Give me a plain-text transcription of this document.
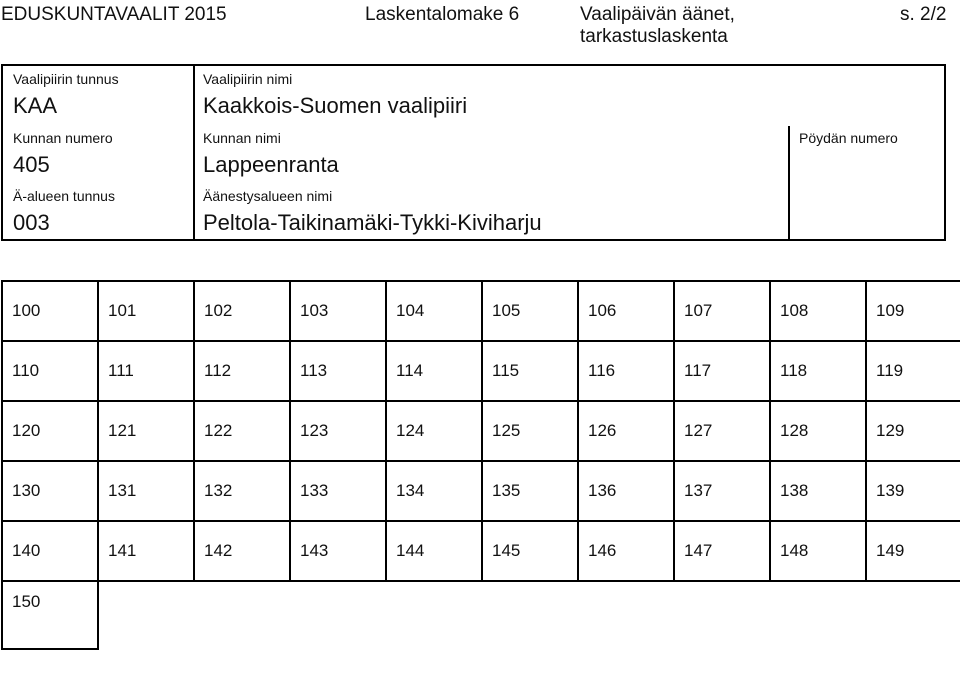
EDUSKUNTAVAALIT 2015	Laskentalomake 6	Vaalipäivän äänet,
tarkastuslaskenta
s. 2/2
Vaalipiirin tunnus
KAA
Vaalipiirin nimi
Kaakkois-Suomen vaalipiiri
Kunnan numero
405
Kunnan nimi
Lappeenranta
Pöydän numero
Ä-alueen tunnus
003
Äänestysalueen nimi
Peltola-Taikinamäki-Tykki-Kiviharju
100	101	102	103	104	105	106	107	108	109
110	111	112	113	114	115	116	117	118	119
120	121	122	123	124	125	126	127	128	129
130	131	132	133	134	135	136	137	138	139
140	141	142	143	144	145	146	147	148	149
150									
